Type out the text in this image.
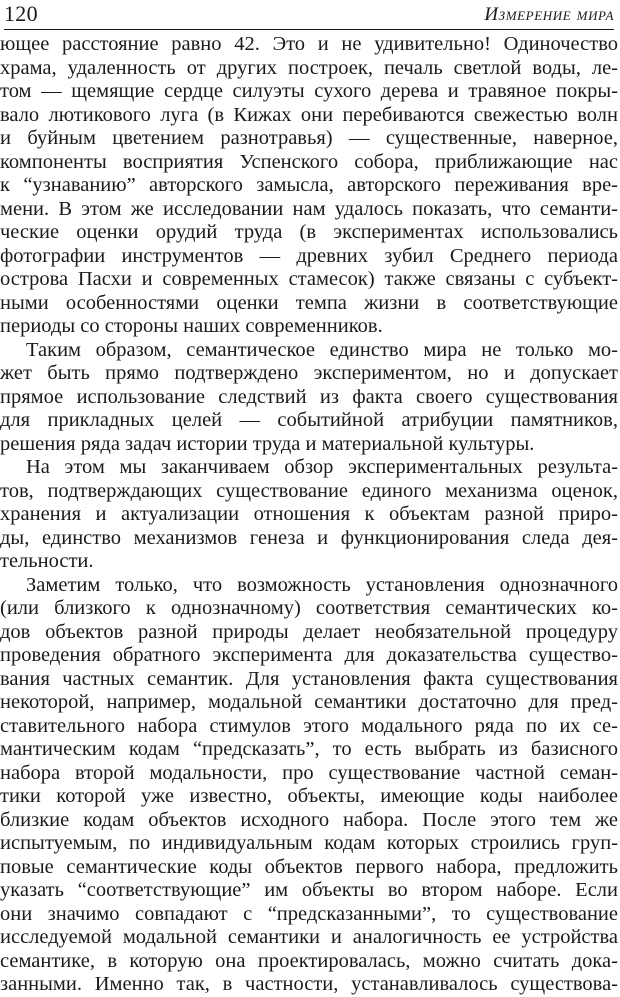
120	Измерение мира
ющее расстояние равно 42. Это и не удивительно! Одиночество
храма, удаленность от других построек, печаль светлой воды, ле-
том — щемящие сердце силуэты сухого дерева и травяное покры-
вало лютикового луга (в Кижах они перебиваются свежестью волн
и буйным цветением разнотравья) — существенные, наверное,
компоненты восприятия Успенского собора, приближающие нас
к “узнаванию” авторского замысла, авторского переживания вре-
мени. В этом же исследовании нам удалось показать, что семанти-
ческие оценки орудий труда (в экспериментах использовались
фотографии инструментов — древних зубил Среднего периода
острова Пасхи и современных стамесок) также связаны с субъект-
ными особенностями оценки темпа жизни в соответствующие
периоды со стороны наших современников.
Таким образом, семантическое единство мира не только мо-
жет быть прямо подтверждено экспериментом, но и допускает
прямое использование следствий из факта своего существования
для прикладных целей — событийной атрибуции памятников,
решения ряда задач истории труда и материальной культуры.
На этом мы заканчиваем обзор экспериментальных результа-
тов, подтверждающих существование единого механизма оценок,
хранения и актуализации отношения к объектам разной приро-
ды, единство механизмов генеза и функционирования следа дея-
тельности.
Заметим только, что возможность установления однозначного
(или близкого к однозначному) соответствия семантических ко-
дов объектов разной природы делает необязательной процедуру
проведения обратного эксперимента для доказательства существо-
вания частных семантик. Для установления факта существования
некоторой, например, модальной семантики достаточно для пред-
ставительного набора стимулов этого модального ряда по их се-
мантическим кодам “предсказать”, то есть выбрать из базисного
набора второй модальности, про существование частной семан-
тики которой уже известно, объекты, имеющие коды наиболее
близкие кодам объектов исходного набора. После этого тем же
испытуемым, по индивидуальным кодам которых строились груп-
повые семантические коды объектов первого набора, предложить
указать “соответствующие” им объекты во втором наборе. Если
они значимо совпадают с “предсказанными”, то существование
исследуемой модальной семантики и аналогичность ее устройства
семантике, в которую она проектировалась, можно считать дока-
занными. Именно так, в частности, устанавливалось существова-
